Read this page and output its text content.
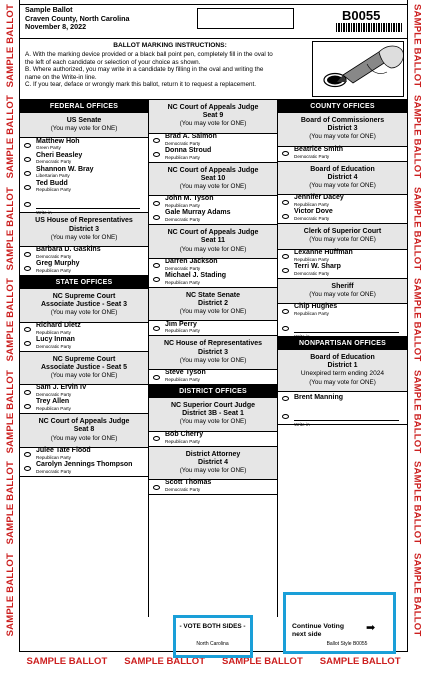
SAMPLE BALLOT
SAMPLE BALLOT
SAMPLE BALLOT
SAMPLE BALLOT
SAMPLE BALLOT
SAMPLE BALLOT
SAMPLE BALLOT
SAMPLE BALLOT
SAMPLE BALLOT
SAMPLE BALLOT
SAMPLE BALLOT
SAMPLE BALLOT
SAMPLE BALLOT
SAMPLE BALLOT
SAMPLE BALLOT SAMPLE BALLOT SAMPLE BALLOT SAMPLE BALLOT
Sample Ballot
Craven County, North Carolina
November 8, 2022
B0055
BALLOT MARKING INSTRUCTIONS:

A. With the marking device provided or a black ball point pen, completely fill in the oval to

the left of each candidate or selection of your choice as shown.

B. Where authorized, you may write in a candidate by filling in the oval and writing the

name on the Write-in line.

C. If you tear, deface or wrongly mark this ballot, return it to request a replacement.

FEDERAL OFFICES
US Senate
(You may vote for ONE)
Matthew Hoh
Green Party
Cheri Beasley
Democratic Party
Shannon W. Bray
Libertarian Party
Ted Budd
Republican Party
Write-in
US House of Representatives
District 3
(You may vote for ONE)
Barbara D. Gaskins
Democratic Party
Greg Murphy
Republican Party
STATE OFFICES
NC Supreme Court
Associate Justice - Seat 3
(You may vote for ONE)
Richard Dietz
Republican Party
Lucy Inman
Democratic Party
NC Supreme Court
Associate Justice - Seat 5
(You may vote for ONE)
Sam J. Ervin IV
Democratic Party
Trey Allen
Republican Party
NC Court of Appeals Judge
Seat 8
(You may vote for ONE)
Julee Tate Flood
Republican Party
Carolyn Jennings Thompson
Democratic Party
NC Court of Appeals Judge
Seat 9
(You may vote for ONE)
Brad A. Salmon
Democratic Party
Donna Stroud
Republican Party
NC Court of Appeals Judge
Seat 10
(You may vote for ONE)
John M. Tyson
Republican Party
Gale Murray Adams
Democratic Party
NC Court of Appeals Judge
Seat 11
(You may vote for ONE)
Darren Jackson
Democratic Party
Michael J. Stading
Republican Party
NC State Senate
District 2
(You may vote for ONE)
Jim Perry
Republican Party
NC House of Representatives
District 3
(You may vote for ONE)
Steve Tyson
Republican Party
DISTRICT OFFICES
NC Superior Court Judge
District 3B - Seat 1
(You may vote for ONE)
Bob Cherry
Republican Party
District Attorney
District 4
(You may vote for ONE)
Scott Thomas
Democratic Party
COUNTY OFFICES
Board of Commissioners
District 3
(You may vote for ONE)
Beatrice Smith
Democratic Party
Board of Education
District 4
(You may vote for ONE)
Jennifer Dacey
Republican Party
Victor Dove
Democratic Party
Clerk of Superior Court
(You may vote for ONE)
Lexanne Huffman
Republican Party
Terri W. Sharp
Democratic Party
Sheriff
(You may vote for ONE)
Chip Hughes
Republican Party
Write-in
NONPARTISAN OFFICES
Board of Education
District 1
Unexpired term ending 2024
(You may vote for ONE)
Brent Manning
Write-in
- VOTE BOTH SIDES -
North Carolina
Continue Voting
next side
➡
Ballot Style B0055
